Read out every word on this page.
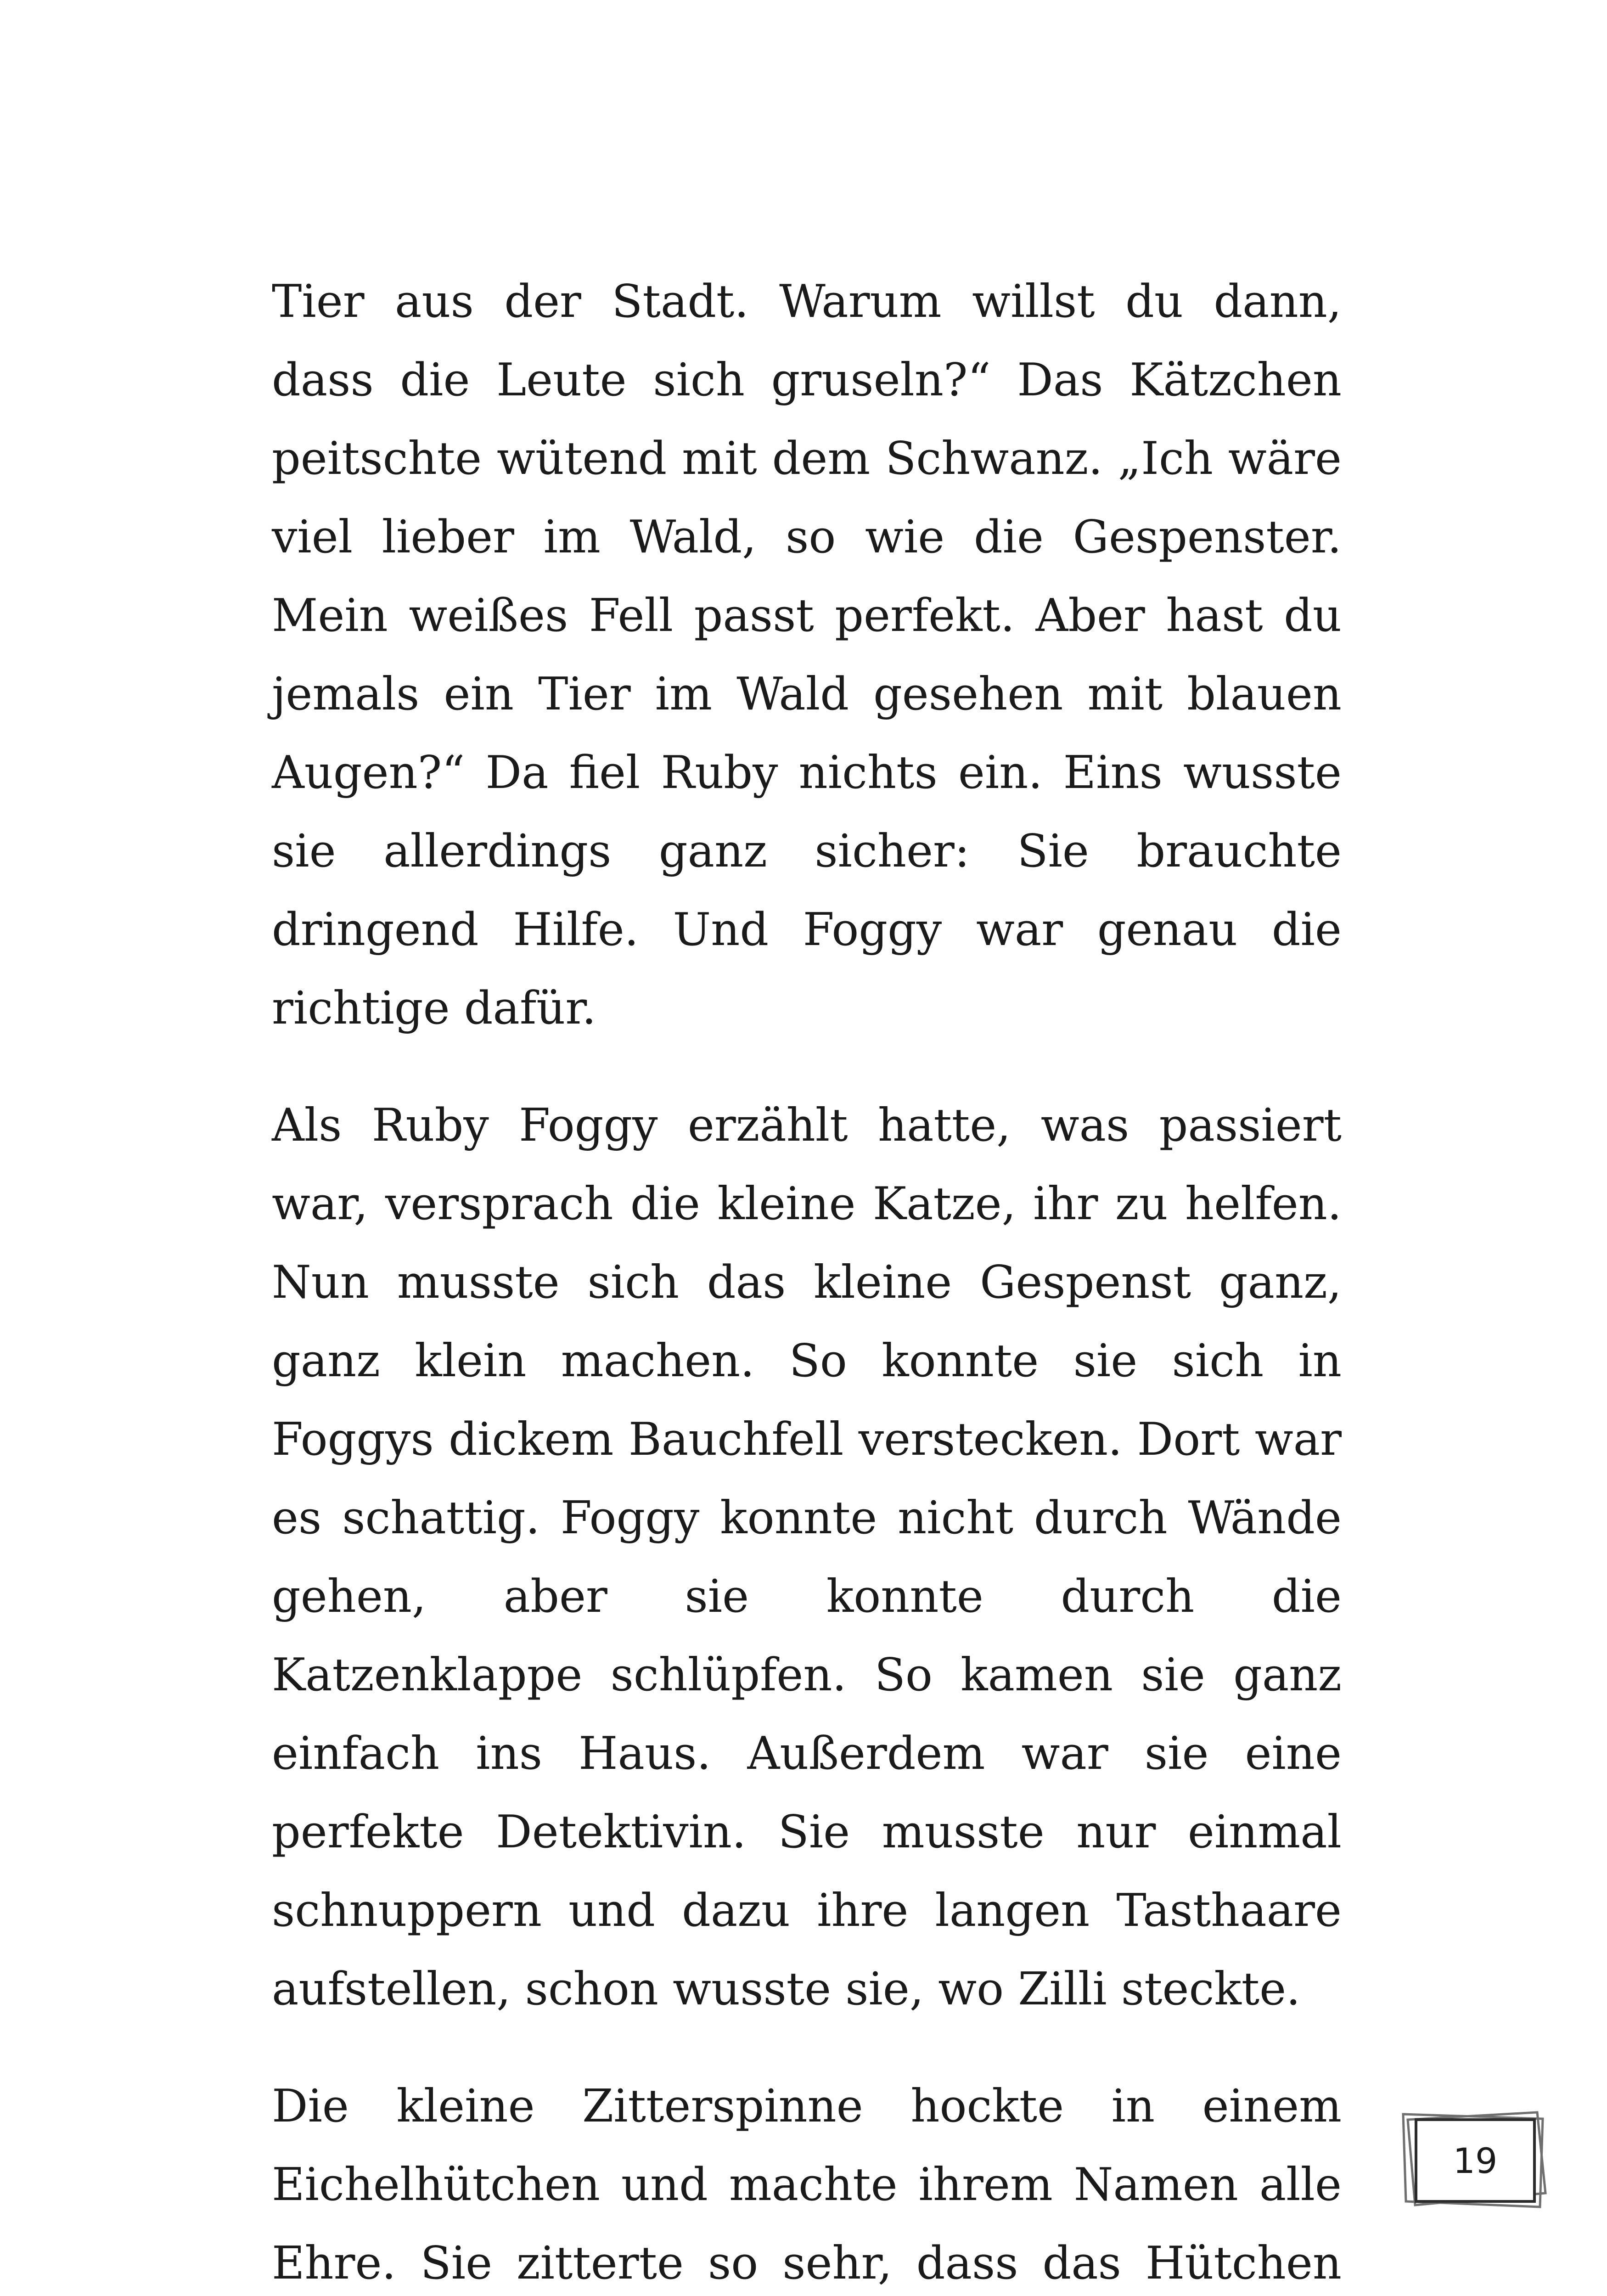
Tier aus der Stadt. Warum willst du dann, dass die Leute sich gruseln?“ Das Kätzchen peitschte wütend mit dem Schwanz. „Ich wäre viel lieber im Wald, so wie die Gespenster. Mein weißes Fell passt perfekt. Aber hast du jemals ein Tier im Wald gesehen mit blauen Augen?“ Da fiel Ruby nichts ein. Eins wusste sie allerdings ganz sicher: Sie brauchte dringend Hilfe. Und Foggy war genau die richtige dafür.

Als Ruby Foggy erzählt hatte, was passiert war, versprach die kleine Katze, ihr zu helfen. Nun musste sich das kleine Gespenst ganz, ganz klein machen. So konnte sie sich in Foggys dickem Bauchfell verstecken. Dort war es schattig. Foggy konnte nicht durch Wände gehen, aber sie konnte durch die Katzenklappe schlüpfen. So kamen sie ganz einfach ins Haus. Außerdem war sie eine perfekte Detektivin. Sie musste nur einmal schnuppern und dazu ihre langen Tasthaare aufstellen, schon wusste sie, wo Zilli steckte.

Die kleine Zitterspinne hockte in einem Eichelhütchen und machte ihrem Namen alle Ehre. Sie zitterte so sehr, dass das Hütchen

19
